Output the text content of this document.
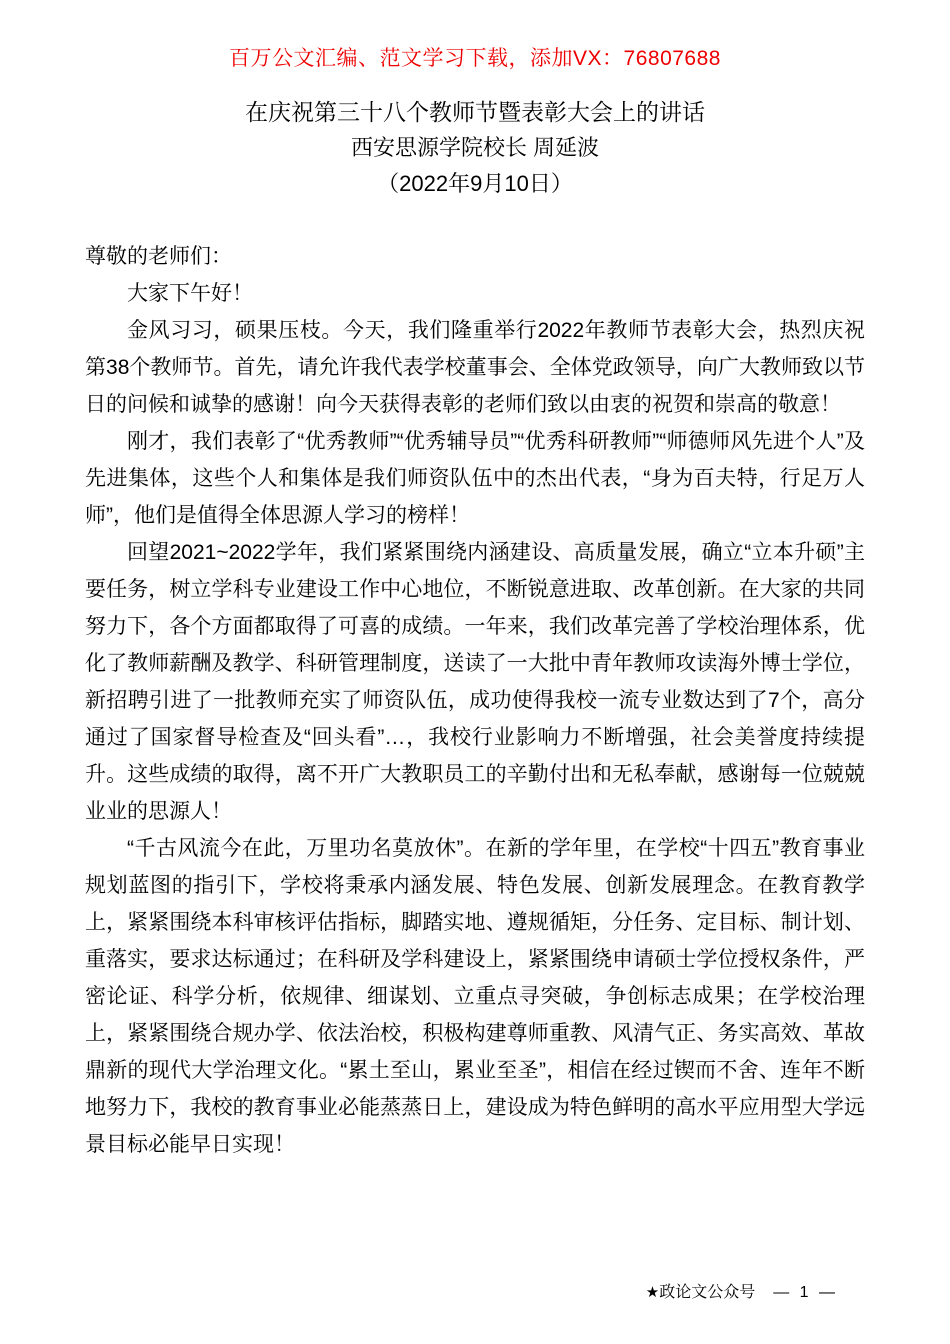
百万公文汇编、范文学习下载，添加VX：76807688
在庆祝第三十八个教师节暨表彰大会上的讲话
西安思源学院校长 周延波
（2022年9月10日）

尊敬的老师们：

大家下午好！

金风习习，硕果压枝。今天，我们隆重举行2022年教师节表彰大会，热烈庆祝第38个教师节。首先，请允许我代表学校董事会、全体党政领导，向广大教师致以节日的问候和诚挚的感谢！向今天获得表彰的老师们致以由衷的祝贺和崇高的敬意！

刚才，我们表彰了“优秀教师”“优秀辅导员”“优秀科研教师”“师德师风先进个人”及先进集体，这些个人和集体是我们师资队伍中的杰出代表，“身为百夫特，行足万人师”，他们是值得全体思源人学习的榜样！

回望2021~2022学年，我们紧紧围绕内涵建设、高质量发展，确立“立本升硕”主要任务，树立学科专业建设工作中心地位，不断锐意进取、改革创新。在大家的共同努力下，各个方面都取得了可喜的成绩。一年来，我们改革完善了学校治理体系，优化了教师薪酬及教学、科研管理制度，送读了一大批中青年教师攻读海外博士学位，新招聘引进了一批教师充实了师资队伍，成功使得我校一流专业数达到了7个，高分通过了国家督导检查及“回头看”…，我校行业影响力不断增强，社会美誉度持续提升。这些成绩的取得，离不开广大教职员工的辛勤付出和无私奉献，感谢每一位兢兢业业的思源人！

“千古风流今在此，万里功名莫放休”。在新的学年里，在学校“十四五”教育事业规划蓝图的指引下，学校将秉承内涵发展、特色发展、创新发展理念。在教育教学上，紧紧围绕本科审核评估指标，脚踏实地、遵规循矩，分任务、定目标、制计划、重落实，要求达标通过；在科研及学科建设上，紧紧围绕申请硕士学位授权条件，严密论证、科学分析，依规律、细谋划、立重点寻突破，争创标志成果；在学校治理上，紧紧围绕合规办学、依法治校，积极构建尊师重教、风清气正、务实高效、革故鼎新的现代大学治理文化。“累土至山，累业至圣”，相信在经过锲而不舍、连年不断地努力下，我校的教育事业必能蒸蒸日上，建设成为特色鲜明的高水平应用型大学远景目标必能早日实现！

★政论文公众号 — 1 —
